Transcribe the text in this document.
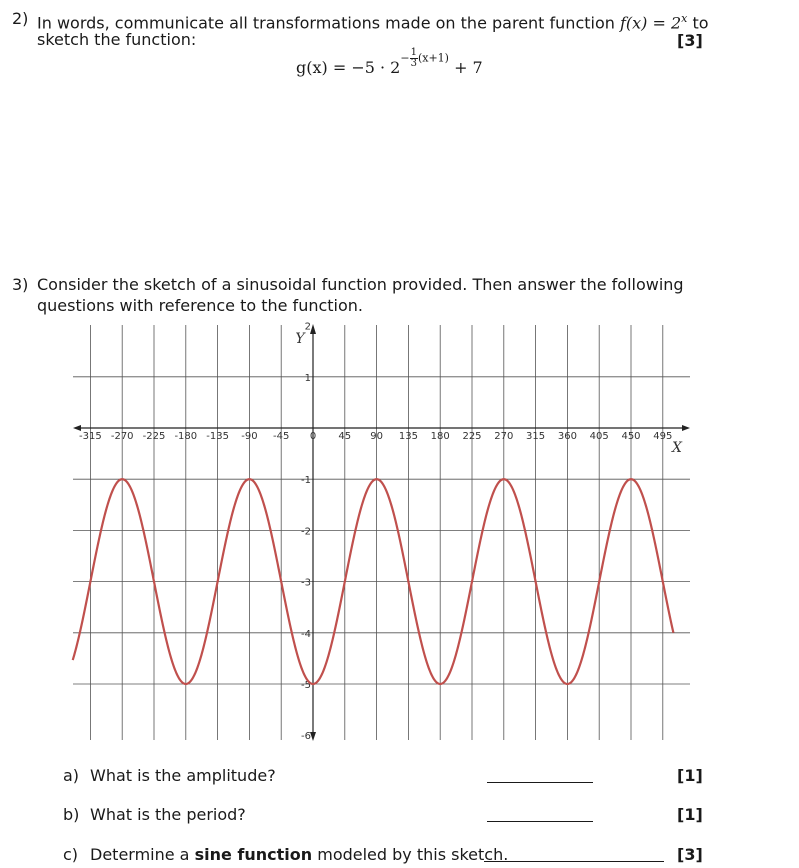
2) In words, communicate all transformations made on the parent function $f(x) = 2^x$ to
sketch the function:	[3]
$g(x) = -5 \cdot 2- \frac{1}{3} (x+1) + 7$
3) Consider the sketch of a sinusoidal function provided. Then answer the following
questions with reference to the function.
-315 -270 -225 -180 -135 -90 -45 0 45 90 135 180 225 270 315 360 405 450 495
2
1
-1
-2
-3
-4
-5
-6
X
Y
a) What is the amplitude?	[1]
b) What is the period?	[1]
c) Determine a sine function modeled by this sketch.	[3]
